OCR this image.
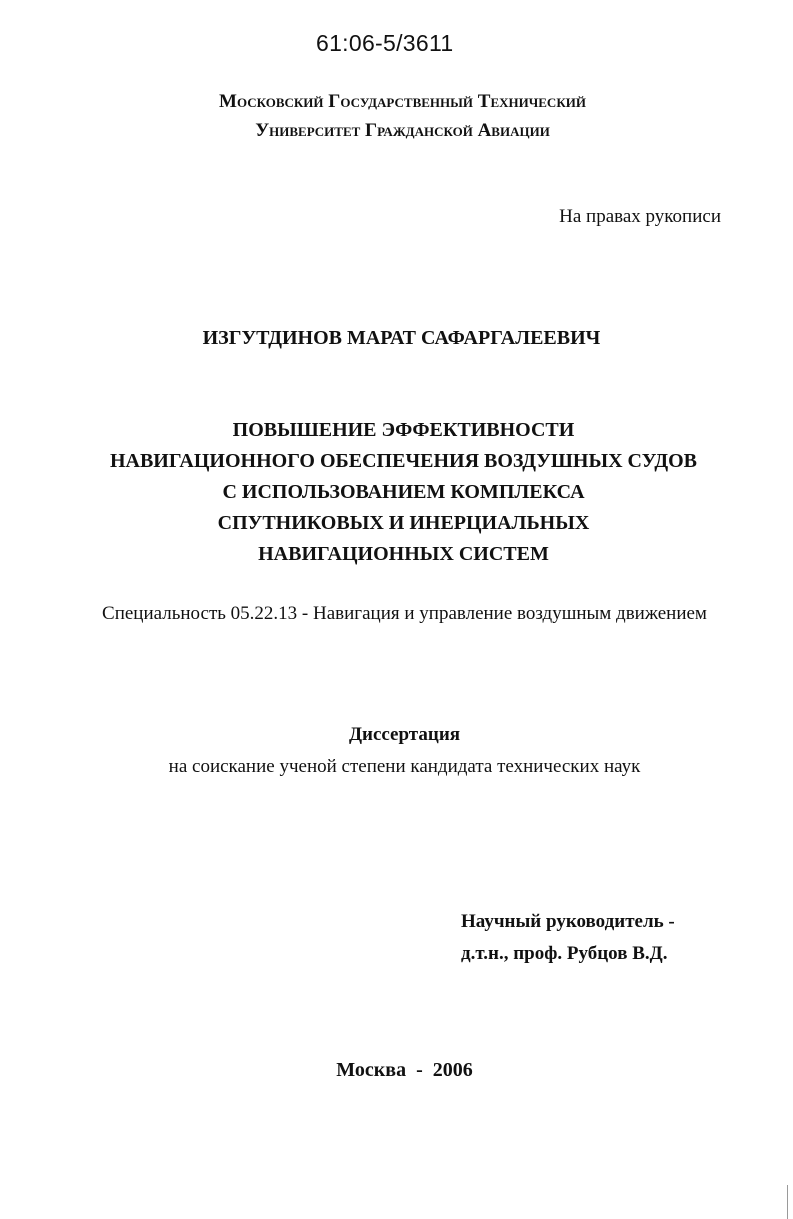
61:06-5/3611
Московский Государственный Технический
Университет Гражданской Авиации
На правах рукописи
ИЗГУТДИНОВ МАРАТ САФАРГАЛЕЕВИЧ
ПОВЫШЕНИЕ ЭФФЕКТИВНОСТИ
НАВИГАЦИОННОГО ОБЕСПЕЧЕНИЯ ВОЗДУШНЫХ СУДОВ
С ИСПОЛЬЗОВАНИЕМ КОМПЛЕКСА
СПУТНИКОВЫХ И ИНЕРЦИАЛЬНЫХ
НАВИГАЦИОННЫХ СИСТЕМ
Специальность 05.22.13 - Навигация и управление воздушным движением
Диссертация
на соискание ученой степени кандидата технических наук
Научный руководитель -
д.т.н., проф. Рубцов В.Д.
Москва  -  2006
